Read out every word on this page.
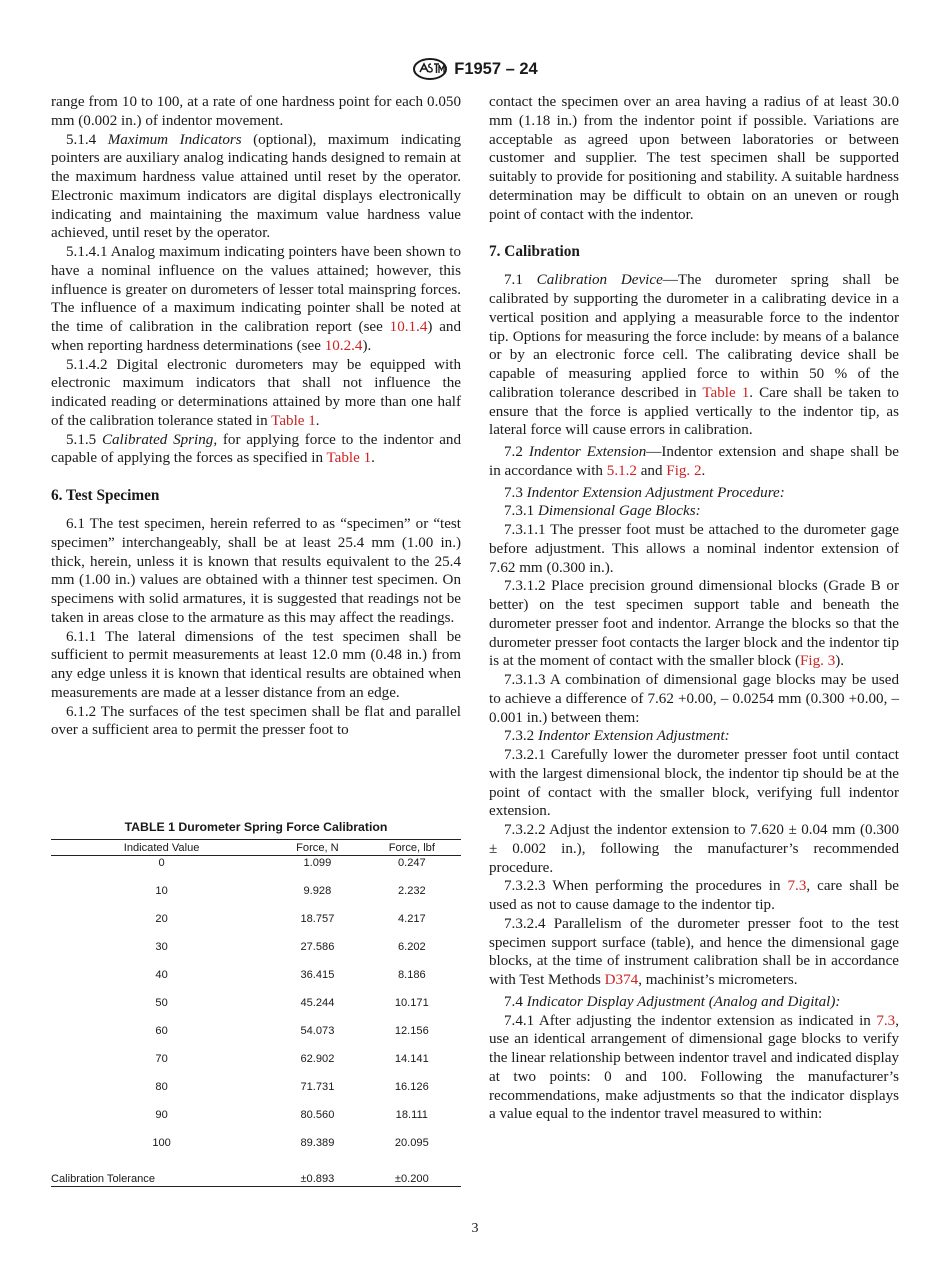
F1957 – 24

range from 10 to 100, at a rate of one hardness point for each 0.050 mm (0.002 in.) of indentor movement.

5.1.4 Maximum Indicators (optional), maximum indicating pointers are auxiliary analog indicating hands designed to remain at the maximum hardness value attained until reset by the operator. Electronic maximum indicators are digital displays electronically indicating and maintaining the maximum value hardness value achieved, until reset by the operator.

5.1.4.1 Analog maximum indicating pointers have been shown to have a nominal influence on the values attained; however, this influence is greater on durometers of lesser total mainspring forces. The influence of a maximum indicating pointer shall be noted at the time of calibration in the calibration report (see 10.1.4) and when reporting hardness determinations (see 10.2.4).

5.1.4.2 Digital electronic durometers may be equipped with electronic maximum indicators that shall not influence the indicated reading or determinations attained by more than one half of the calibration tolerance stated in Table 1.

5.1.5 Calibrated Spring, for applying force to the indentor and capable of applying the forces as specified in Table 1.

6. Test Specimen

6.1 The test specimen, herein referred to as “specimen” or “test specimen” interchangeably, shall be at least 25.4 mm (1.00 in.) thick, herein, unless it is known that results equivalent to the 25.4 mm (1.00 in.) values are obtained with a thinner test specimen. On specimens with solid armatures, it is suggested that readings not be taken in areas close to the armature as this may affect the readings.

6.1.1 The lateral dimensions of the test specimen shall be sufficient to permit measurements at least 12.0 mm (0.48 in.) from any edge unless it is known that identical results are obtained when measurements are made at a lesser distance from an edge.

6.1.2 The surfaces of the test specimen shall be flat and parallel over a sufficient area to permit the presser foot to

TABLE 1 Durometer Spring Force Calibration
Indicated Value	Force, N	Force, lbf
0	1.099	0.247
10	9.928	2.232
20	18.757	4.217
30	27.586	6.202
40	36.415	8.186
50	45.244	10.171
60	54.073	12.156
70	62.902	14.141
80	71.731	16.126
90	80.560	18.111
100	89.389	20.095
Calibration Tolerance	±0.893	±0.200

contact the specimen over an area having a radius of at least 30.0 mm (1.18 in.) from the indentor point if possible. Variations are acceptable as agreed upon between laboratories or between customer and supplier. The test specimen shall be supported suitably to provide for positioning and stability. A suitable hardness determination may be difficult to obtain on an uneven or rough point of contact with the indentor.

7. Calibration

7.1 Calibration Device—The durometer spring shall be calibrated by supporting the durometer in a calibrating device in a vertical position and applying a measurable force to the indentor tip. Options for measuring the force include: by means of a balance or by an electronic force cell. The calibrating device shall be capable of measuring applied force to within 50 % of the calibration tolerance described in Table 1. Care shall be taken to ensure that the force is applied vertically to the indentor tip, as lateral force will cause errors in calibration.

7.2 Indentor Extension—Indentor extension and shape shall be in accordance with 5.1.2 and Fig. 2.

7.3 Indentor Extension Adjustment Procedure:

7.3.1 Dimensional Gage Blocks:

7.3.1.1 The presser foot must be attached to the durometer gage before adjustment. This allows a nominal indentor extension of 7.62 mm (0.300 in.).

7.3.1.2 Place precision ground dimensional blocks (Grade B or better) on the test specimen support table and beneath the durometer presser foot and indentor. Arrange the blocks so that the durometer presser foot contacts the larger block and the indentor tip is at the moment of contact with the smaller block (Fig. 3).

7.3.1.3 A combination of dimensional gage blocks may be used to achieve a difference of 7.62 +0.00, – 0.0254 mm (0.300 +0.00, –0.001 in.) between them:

7.3.2 Indentor Extension Adjustment:

7.3.2.1 Carefully lower the durometer presser foot until contact with the largest dimensional block, the indentor tip should be at the point of contact with the smaller block, verifying full indentor extension.

7.3.2.2 Adjust the indentor extension to 7.620 ± 0.04 mm (0.300 ± 0.002 in.), following the manufacturer’s recommended procedure.

7.3.2.3 When performing the procedures in 7.3, care shall be used as not to cause damage to the indentor tip.

7.3.2.4 Parallelism of the durometer presser foot to the test specimen support surface (table), and hence the dimensional gage blocks, at the time of instrument calibration shall be in accordance with Test Methods D374, machinist’s micrometers.

7.4 Indicator Display Adjustment (Analog and Digital):

7.4.1 After adjusting the indentor extension as indicated in 7.3, use an identical arrangement of dimensional gage blocks to verify the linear relationship between indentor travel and indicated display at two points: 0 and 100. Following the manufacturer’s recommendations, make adjustments so that the indicator displays a value equal to the indentor travel measured to within:

3
